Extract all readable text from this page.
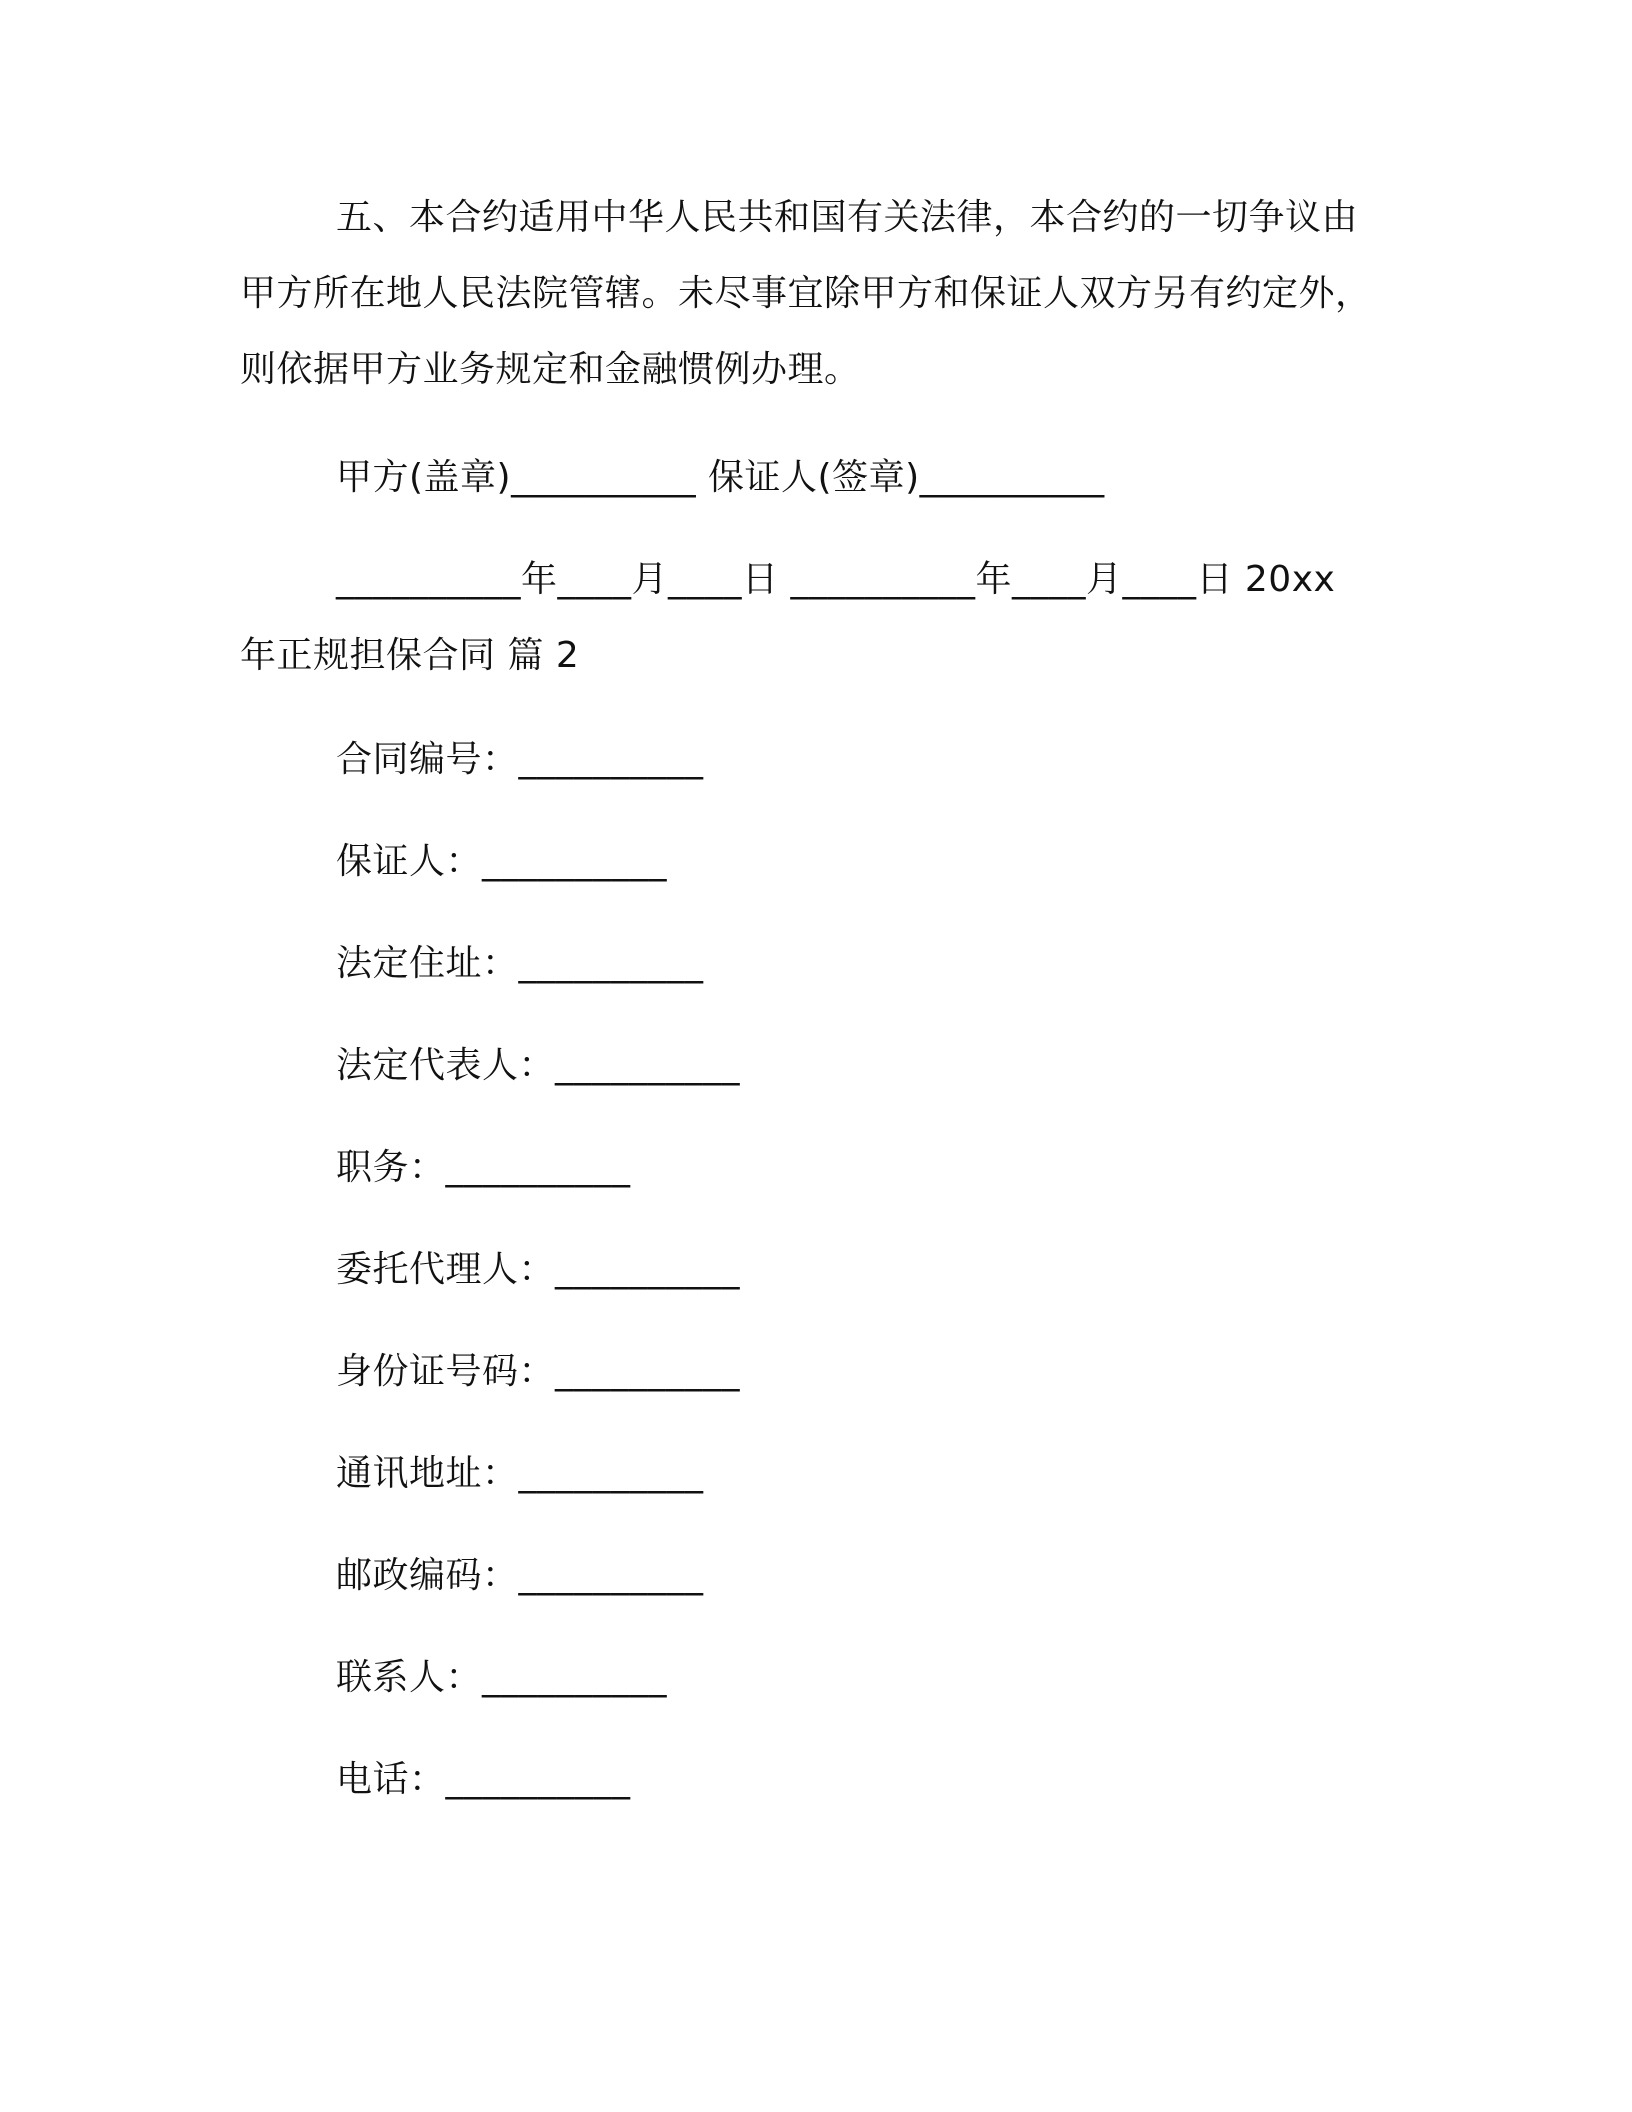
五、本合约适用中华人民共和国有关法律，本合约的一切争议由
甲方所在地人民法院管辖。未尽事宜除甲方和保证人双方另有约定外，
则依据甲方业务规定和金融惯例办理。
甲方(盖章)__________ 保证人(签章)__________
__________年____月____日 __________年____月____日 20xx
年正规担保合同 篇 2
合同编号：__________
保证人：__________
法定住址：__________
法定代表人：__________
职务：__________
委托代理人：__________
身份证号码：__________
通讯地址：__________
邮政编码：__________
联系人：__________
电话：__________
